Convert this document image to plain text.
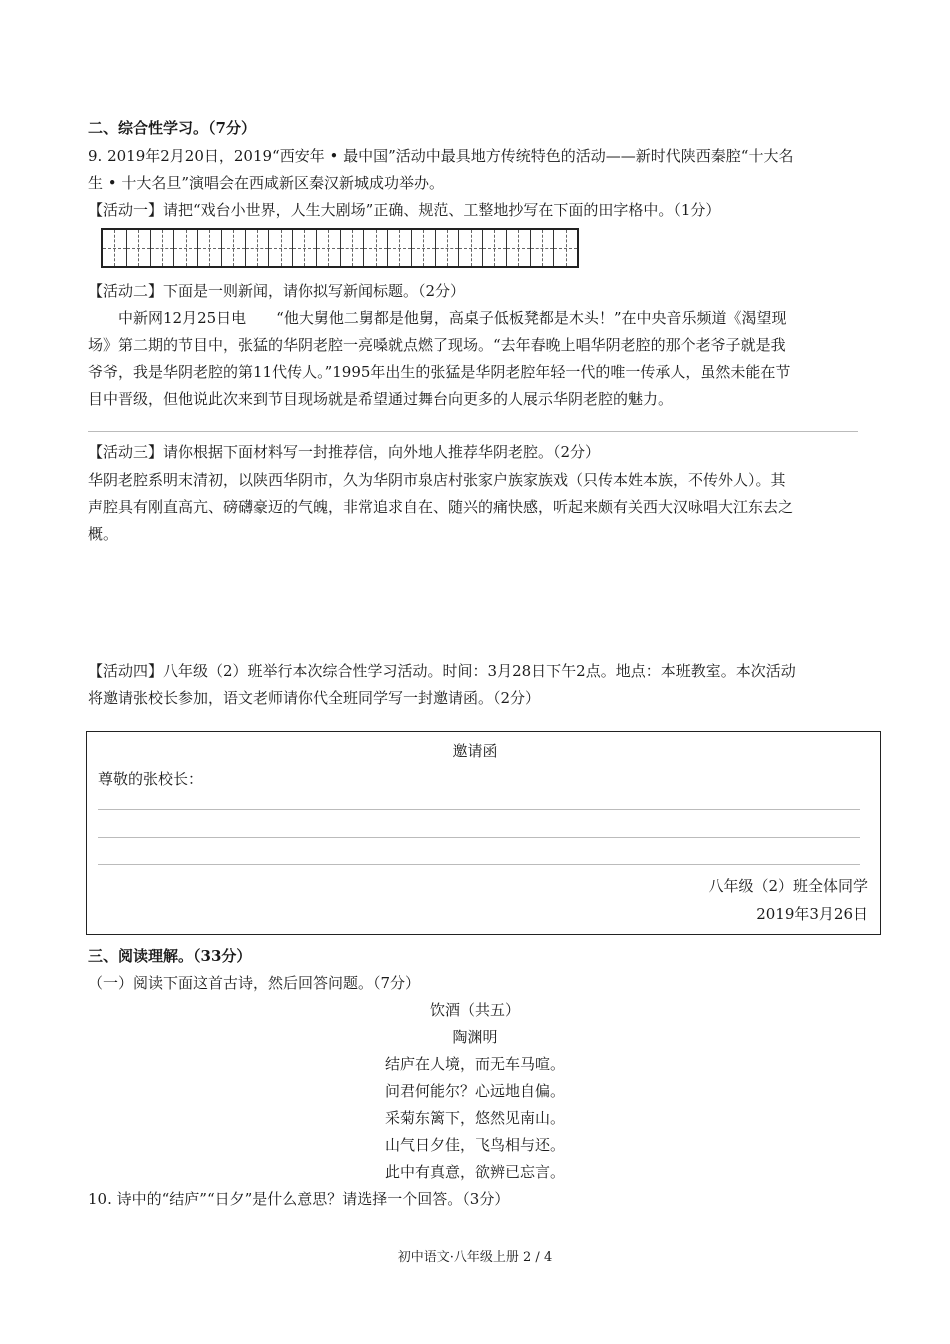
二、综合性学习。（7分）
9. 2019年2月20日，2019“西安年 • 最中国”活动中最具地方传统特色的活动——新时代陕西秦腔“十大名
生 • 十大名旦”演唱会在西咸新区秦汉新城成功举办。
【活动一】请把“戏台小世界，人生大剧场”正确、规范、工整地抄写在下面的田字格中。（1分）
【活动二】下面是一则新闻，请你拟写新闻标题。（2分）
　　中新网12月25日电　　“他大舅他二舅都是他舅，高桌子低板凳都是木头！”在中央音乐频道《渴望现
场》第二期的节目中，张猛的华阴老腔一亮嗓就点燃了现场。“去年春晚上唱华阴老腔的那个老爷子就是我
爷爷，我是华阴老腔的第11代传人。”1995年出生的张猛是华阴老腔年轻一代的唯一传承人，虽然未能在节
目中晋级，但他说此次来到节目现场就是希望通过舞台向更多的人展示华阴老腔的魅力。
【活动三】请你根据下面材料写一封推荐信，向外地人推荐华阴老腔。（2分）
华阴老腔系明末清初，以陕西华阴市，久为华阴市泉店村张家户族家族戏（只传本姓本族，不传外人）。其
声腔具有刚直高亢、磅礴豪迈的气魄，非常追求自在、随兴的痛快感，听起来颇有关西大汉咏唱大江东去之
概。
【活动四】八年级（2）班举行本次综合性学习活动。时间：3月28日下午2点。地点：本班教室。本次活动
将邀请张校长参加，语文老师请你代全班同学写一封邀请函。（2分）
邀请函
尊敬的张校长：
八年级（2）班全体同学
2019年3月26日
三、阅读理解。（33分）
（一）阅读下面这首古诗，然后回答问题。（7分）
饮酒（共五）
陶渊明
结庐在人境，而无车马喧。
问君何能尔？心远地自偏。
采菊东篱下，悠然见南山。
山气日夕佳，飞鸟相与还。
此中有真意，欲辨已忘言。
10. 诗中的“结庐”“日夕”是什么意思？请选择一个回答。（3分）
初中语文·八年级上册 2 / 4
